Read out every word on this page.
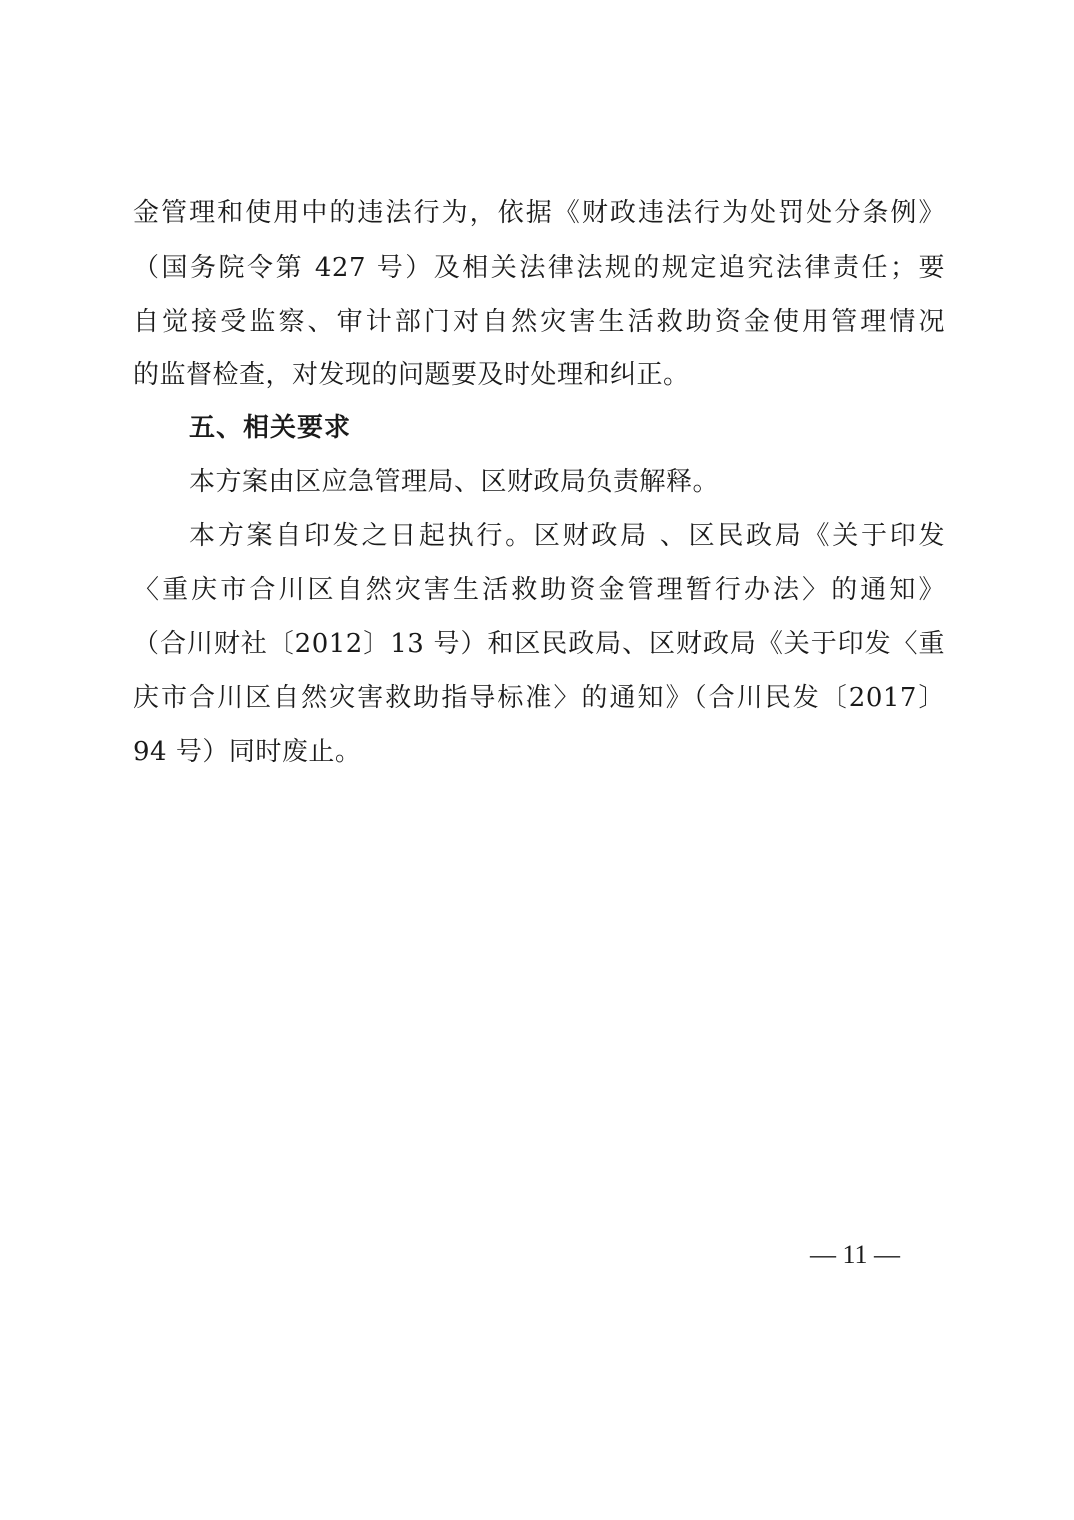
金管理和使用中的违法行为，依据《财政违法行为处罚处分条例》
（国务院令第 427 号）及相关法律法规的规定追究法律责任；要
自觉接受监察、审计部门对自然灾害生活救助资金使用管理情况
的监督检查，对发现的问题要及时处理和纠正。
五、相关要求
本方案由区应急管理局、区财政局负责解释。
本方案自印发之日起执行。区财政局 、区民政局《关于印发
〈重庆市合川区自然灾害生活救助资金管理暂行办法〉的通知》
（合川财社〔2012〕13 号）和区民政局、区财政局《关于印发〈重
庆市合川区自然灾害救助指导标准〉的通知》（合川民发〔2017〕
94 号）同时废止。
— 11 —
